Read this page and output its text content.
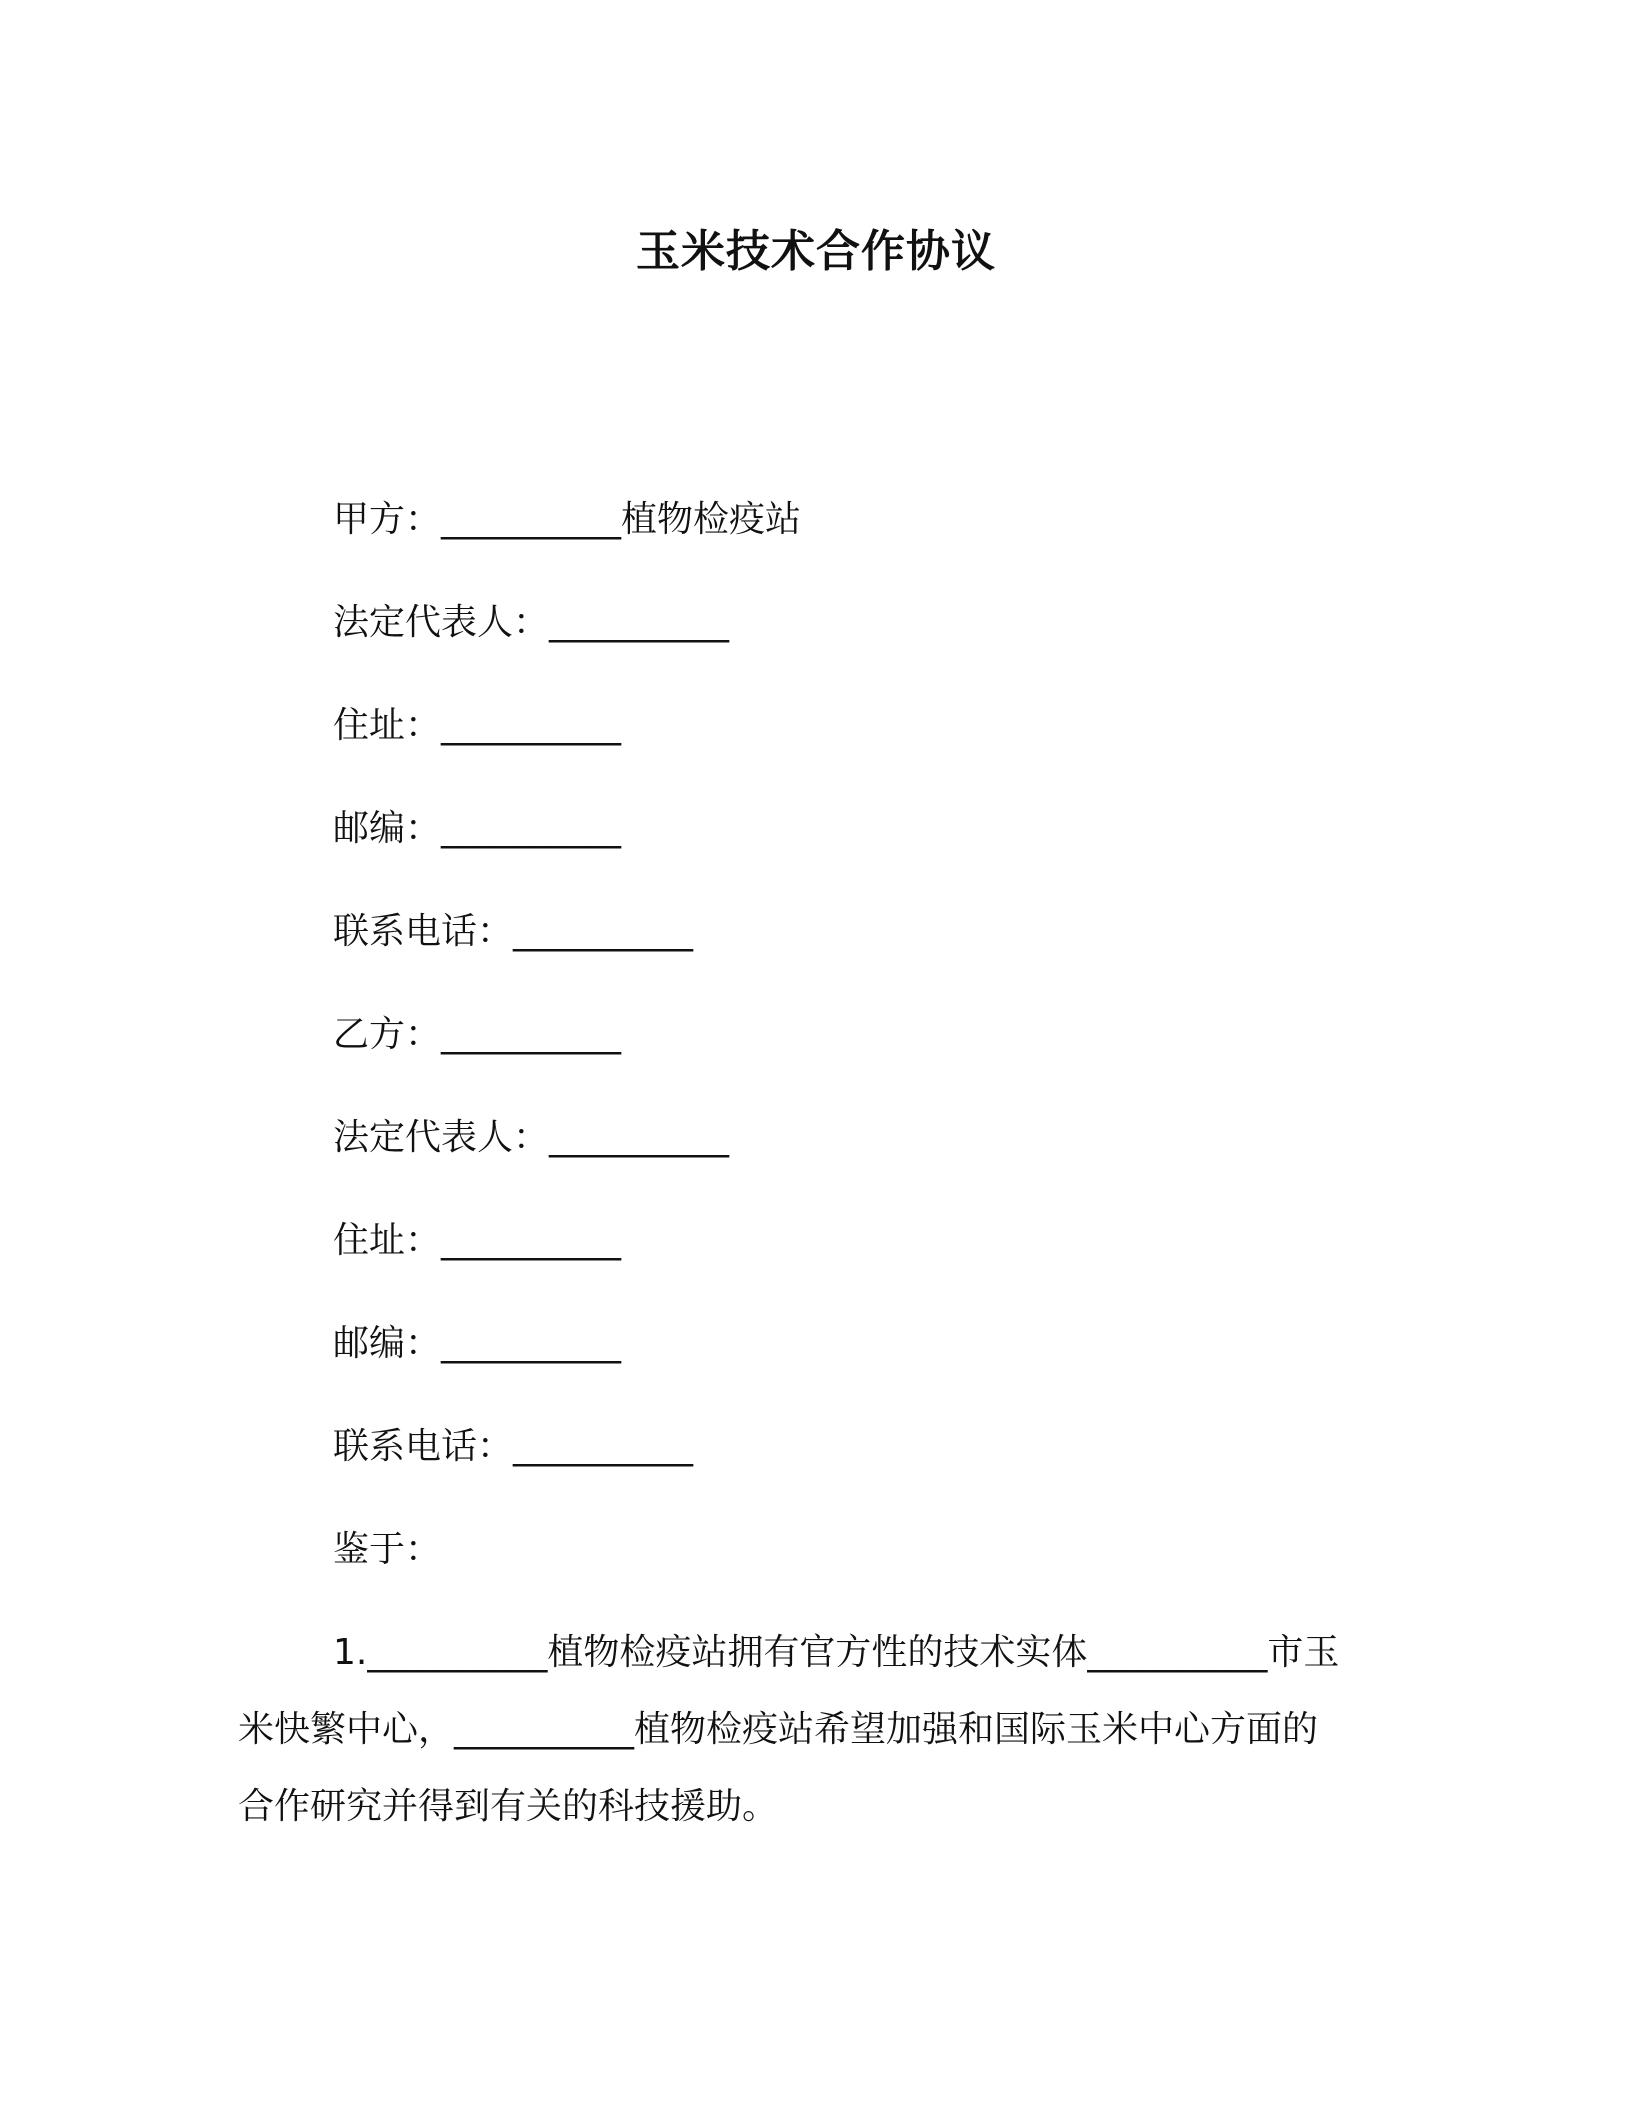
玉米技术合作协议
甲方：__________植物检疫站
法定代表人：__________
住址：__________
邮编：__________
联系电话：__________
乙方：__________
法定代表人：__________
住址：__________
邮编：__________
联系电话：__________
鉴于：
1.__________植物检疫站拥有官方性的技术实体__________市玉
米快繁中心，__________植物检疫站希望加强和国际玉米中心方面的
合作研究并得到有关的科技援助。
